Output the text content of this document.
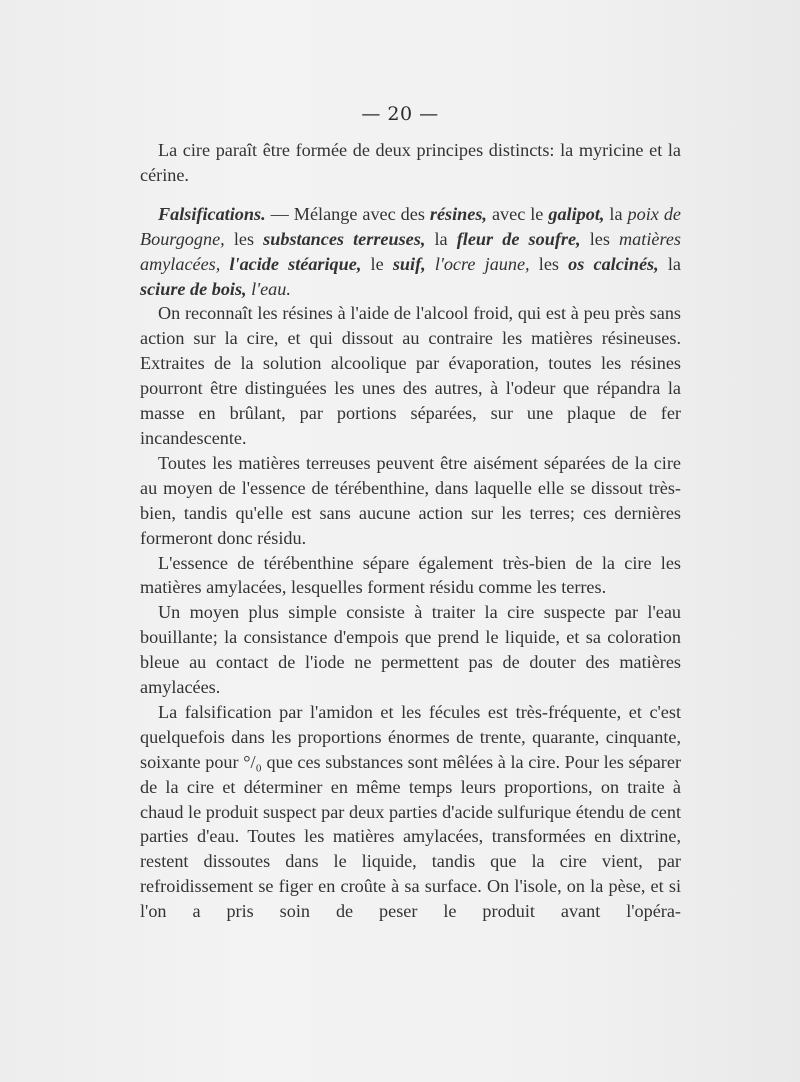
— 20 —

La cire paraît être formée de deux principes distincts: la myricine et la cérine.

Falsifications. — Mélange avec des résines, avec le galipot, la poix de Bourgogne, les substances terreuses, la fleur de soufre, les matières amylacées, l'acide stéarique, le suif, l'ocre jaune, les os calcinés, la sciure de bois, l'eau.

On reconnaît les résines à l'aide de l'alcool froid, qui est à peu près sans action sur la cire, et qui dissout au contraire les matières résineuses. Extraites de la solution alcoolique par évaporation, toutes les résines pourront être distinguées les unes des autres, à l'odeur que répandra la masse en brûlant, par portions séparées, sur une plaque de fer incandescente.

Toutes les matières terreuses peuvent être aisément séparées de la cire au moyen de l'essence de térébenthine, dans laquelle elle se dissout très-bien, tandis qu'elle est sans aucune action sur les terres; ces dernières formeront donc résidu.

L'essence de térébenthine sépare également très-bien de la cire les matières amylacées, lesquelles forment résidu comme les terres.

Un moyen plus simple consiste à traiter la cire suspecte par l'eau bouillante; la consistance d'empois que prend le liquide, et sa coloration bleue au contact de l'iode ne permettent pas de douter des matières amylacées.

La falsification par l'amidon et les fécules est très-fréquente, et c'est quelquefois dans les proportions énormes de trente, quarante, cinquante, soixante pour °/₀ que ces substances sont mêlées à la cire. Pour les séparer de la cire et déterminer en même temps leurs proportions, on traite à chaud le produit suspect par deux parties d'acide sulfurique étendu de cent parties d'eau. Toutes les matières amylacées, transformées en dixtrine, restent dissoutes dans le liquide, tandis que la cire vient, par refroidissement se figer en croûte à sa surface. On l'isole, on la pèse, et si l'on a pris soin de peser le produit avant l'opéra-
